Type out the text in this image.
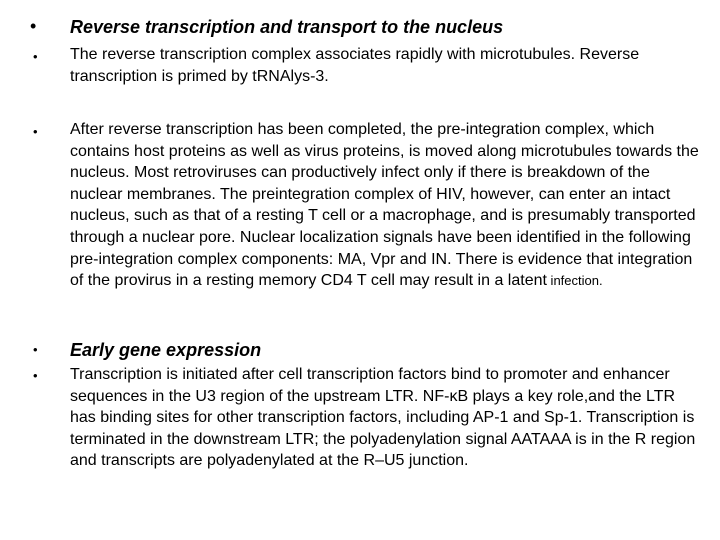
• Reverse transcription and transport to the nucleus
• The reverse transcription complex associates rapidly with microtubules. Reverse transcription is primed by tRNAlys-3.
• After reverse transcription has been completed, the pre-integration complex, which contains host proteins as well as virus proteins, is moved along microtubules towards the nucleus. Most retroviruses can productively infect only if there is breakdown of the nuclear membranes. The preintegration complex of HIV, however, can enter an intact nucleus, such as that of a resting T cell or a macrophage, and is presumably transported through a nuclear pore. Nuclear localization signals have been identified in the following pre-integration complex components: MA, Vpr and IN. There is evidence that integration of the provirus in a resting memory CD4 T cell may result in a latent infection.
• Early gene expression
• Transcription is initiated after cell transcription factors bind to promoter and enhancer sequences in the U3 region of the upstream LTR. NF-κB plays a key role,and the LTR has binding sites for other transcription factors, including AP-1 and Sp-1. Transcription is terminated in the downstream LTR; the polyadenylation signal AATAAA is in the R region and transcripts are polyadenylated at the R–U5 junction.
